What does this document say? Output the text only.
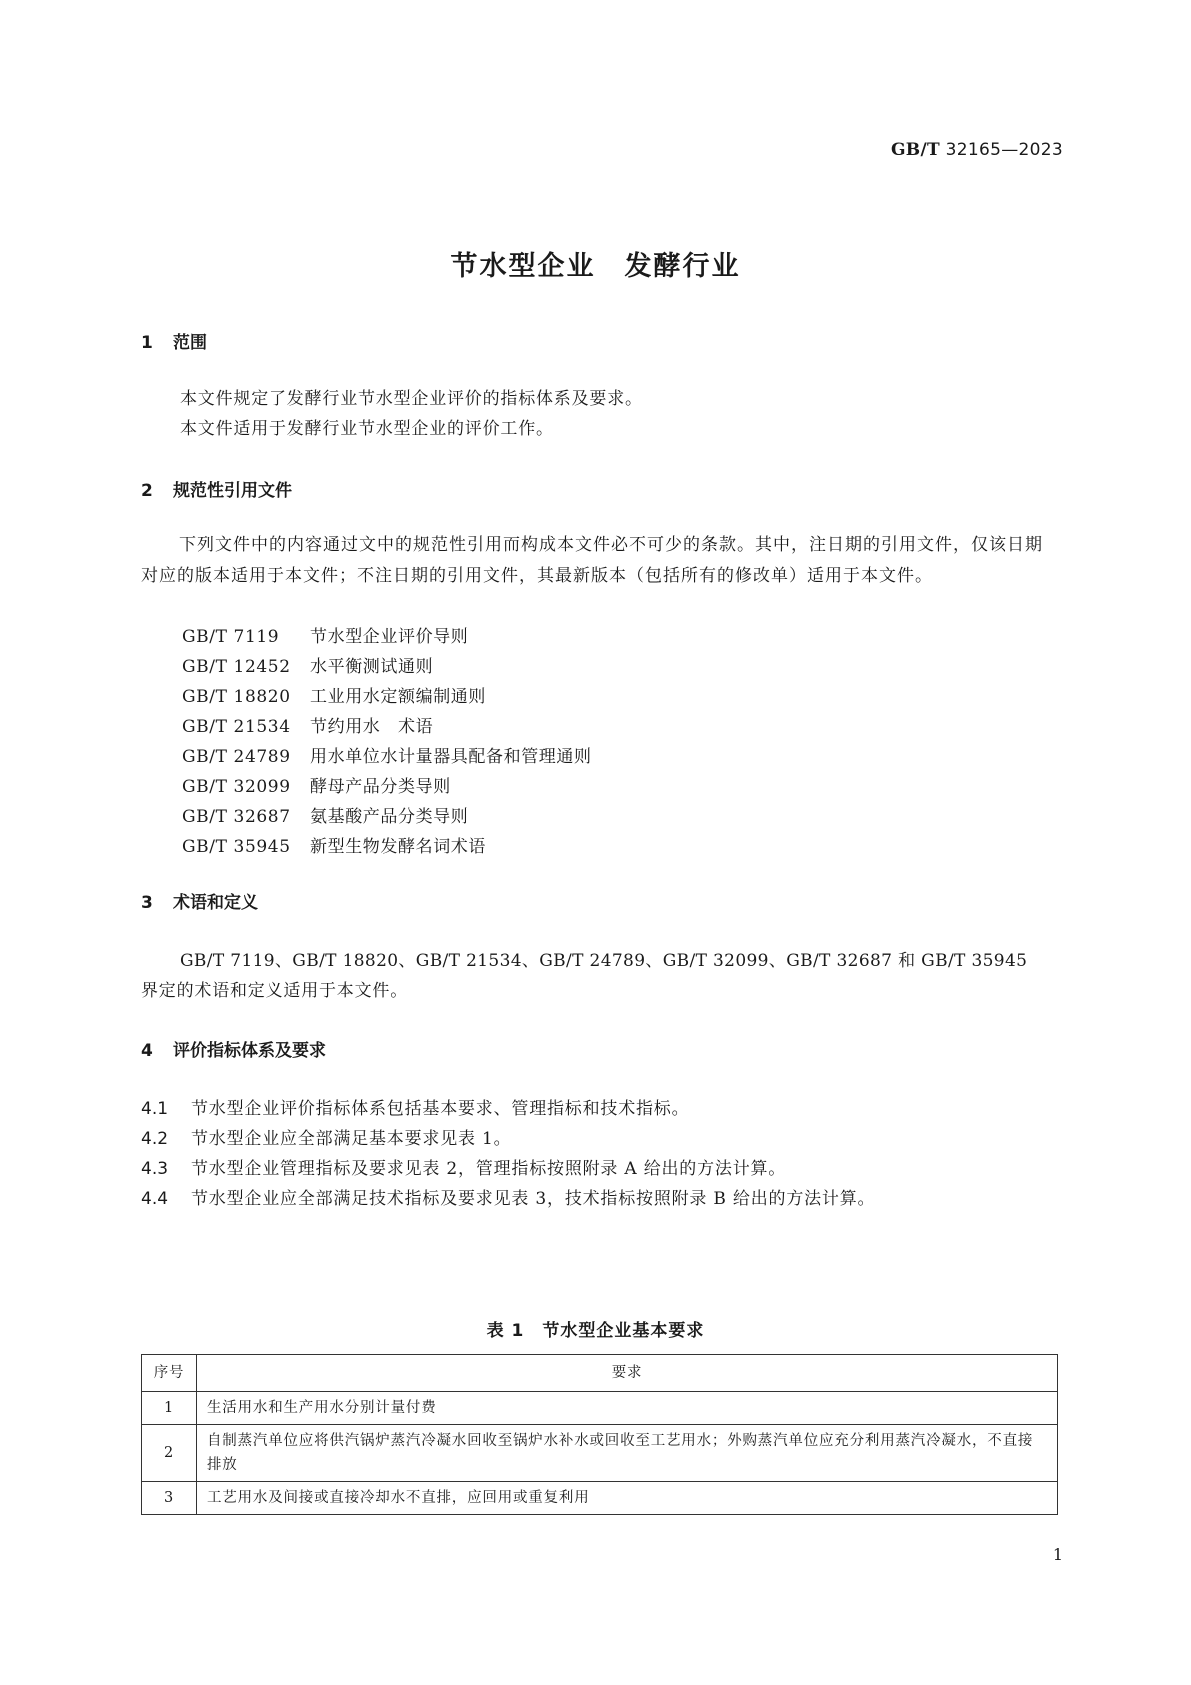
GB/T 32165—2023
节水型企业　发酵行业
1 范围
本文件规定了发酵行业节水型企业评价的指标体系及要求。
本文件适用于发酵行业节水型企业的评价工作。
2 规范性引用文件
下列文件中的内容通过文中的规范性引用而构成本文件必不可少的条款。其中，注日期的引用文件，仅该日期对应的版本适用于本文件；不注日期的引用文件，其最新版本（包括所有的修改单）适用于本文件。
GB/T 7119 节水型企业评价导则
GB/T 12452 水平衡测试通则
GB/T 18820 工业用水定额编制通则
GB/T 21534 节约用水　术语
GB/T 24789 用水单位水计量器具配备和管理通则
GB/T 32099 酵母产品分类导则
GB/T 32687 氨基酸产品分类导则
GB/T 35945 新型生物发酵名词术语
3 术语和定义
GB/T 7119、GB/T 18820、GB/T 21534、GB/T 24789、GB/T 32099、GB/T 32687 和 GB/T 35945
界定的术语和定义适用于本文件。
4 评价指标体系及要求
4.1 节水型企业评价指标体系包括基本要求、管理指标和技术指标。
4.2 节水型企业应全部满足基本要求见表 1。
4.3 节水型企业管理指标及要求见表 2，管理指标按照附录 A 给出的方法计算。
4.4 节水型企业应全部满足技术指标及要求见表 3，技术指标按照附录 B 给出的方法计算。
表 1　节水型企业基本要求
序号	要求
1	生活用水和生产用水分别计量付费
2	自制蒸汽单位应将供汽锅炉蒸汽冷凝水回收至锅炉水补水或回收至工艺用水；外购蒸汽单位应充分利用蒸汽冷凝水，不直接排放
3	工艺用水及间接或直接冷却水不直排，应回用或重复利用
1
